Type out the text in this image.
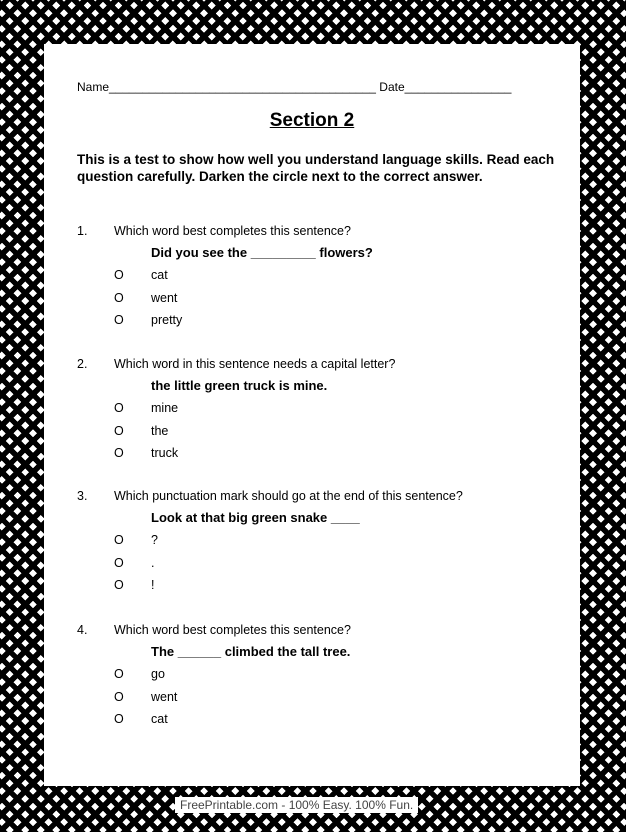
Name________________________________________ Date________________
Section 2
This is a test to show how well you understand language skills. Read each question carefully. Darken the circle next to the correct answer.
1. Which word best completes this sentence?
Did you see the _________ flowers?
O cat
O went
O pretty
2. Which word in this sentence needs a capital letter?
the little green truck is mine.
O mine
O the
O truck
3. Which punctuation mark should go at the end of this sentence?
Look at that big green snake ____
O ?
O .
O !
4. Which word best completes this sentence?
The ______ climbed the tall tree.
O go
O went
O cat
FreePrintable.com - 100% Easy. 100% Fun.
